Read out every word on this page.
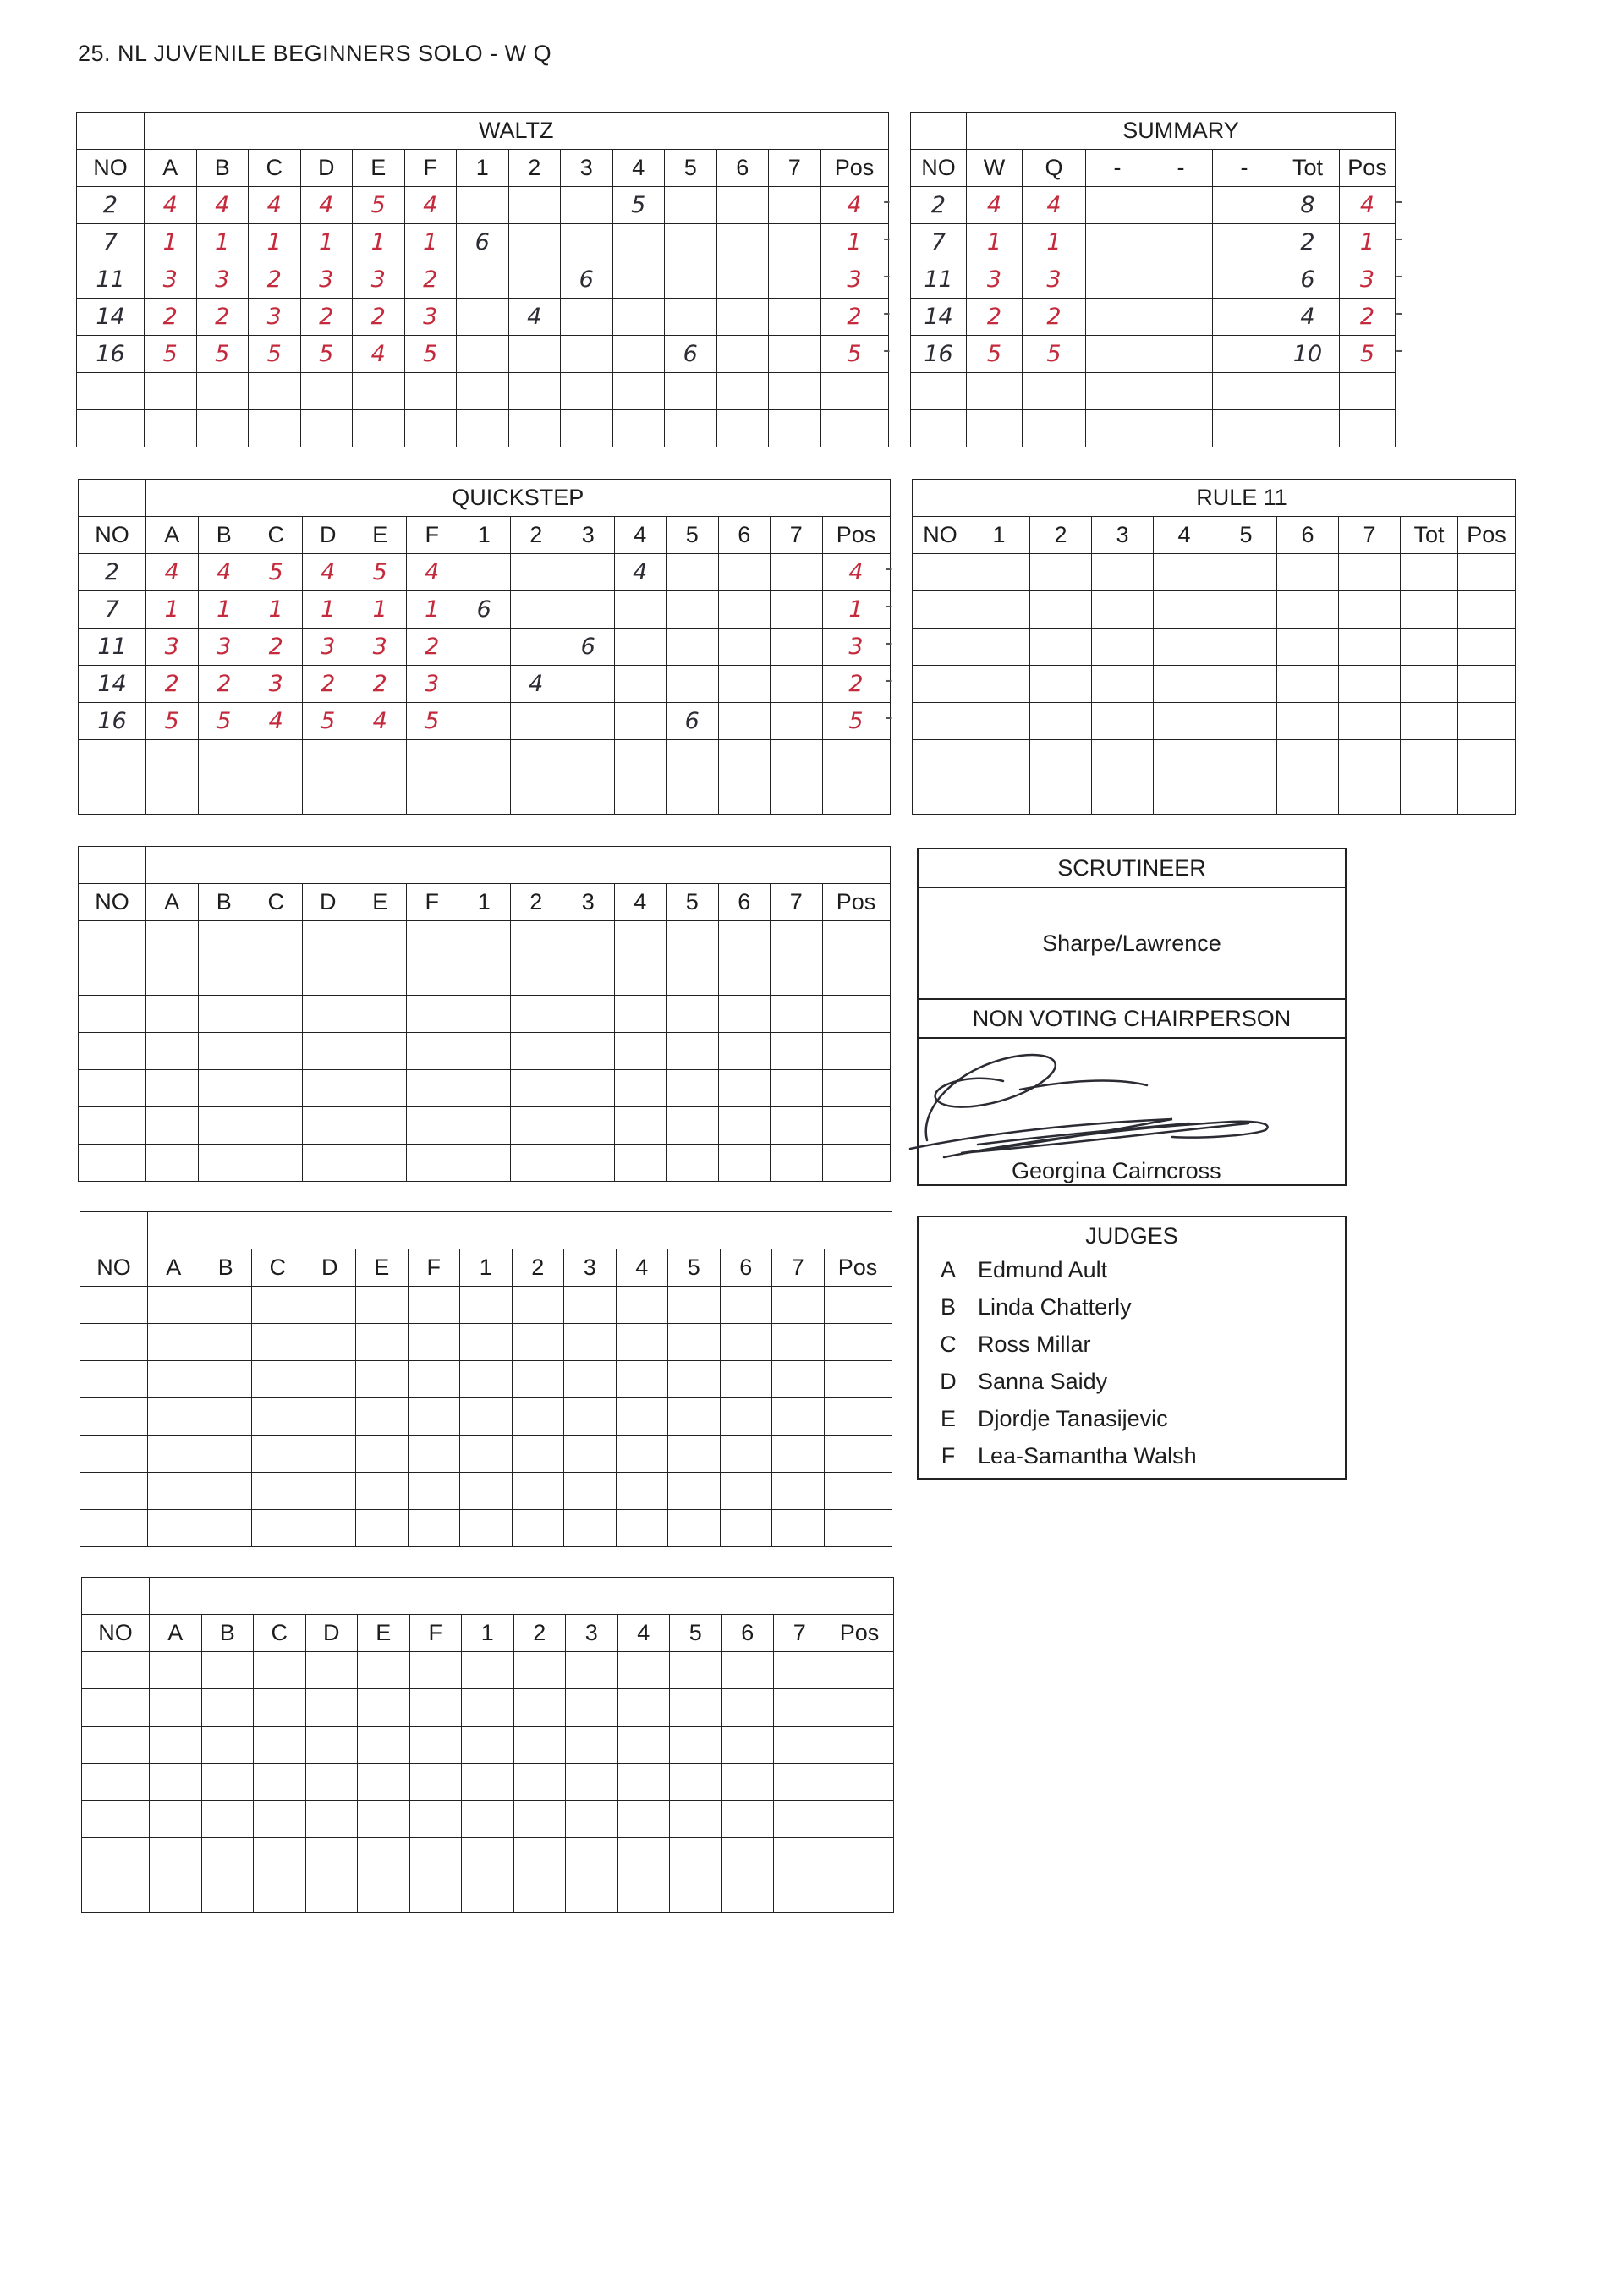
25. NL JUVENILE BEGINNERS SOLO - W Q
	WALTZ													
NO	A	B	C	D	E	F	1	2	3	4	5	6	7	Pos
2	4	4	4	4	5	4				5				4
7	1	1	1	1	1	1	6							1
11	3	3	2	3	3	2			6					3
14	2	2	3	2	2	3		4						2
16	5	5	5	5	4	5					6			5

	QUICKSTEP													
NO	A	B	C	D	E	F	1	2	3	4	5	6	7	Pos
2	4	4	5	4	5	4				4				4
7	1	1	1	1	1	1	6							1
11	3	3	2	3	3	2			6					3
14	2	2	3	2	2	3		4						2
16	5	5	4	5	4	5					6			5

NO	A	B	C	D	E	F	1	2	3	4	5	6	7	Pos

NO	A	B	C	D	E	F	1	2	3	4	5	6	7	Pos

NO	A	B	C	D	E	F	1	2	3	4	5	6	7	Pos

	SUMMARY						
NO	W	Q	-	-	-	Tot	Pos
2	4	4				8	4
7	1	1				2	1
11	3	3				6	3
14	2	2				4	2
16	5	5				10	5

	RULE 11								
NO	1	2	3	4	5	6	7	Tot	Pos

SCRUTINEER
Sharpe/Lawrence
NON VOTING CHAIRPERSON
Georgina Cairncross
JUDGES
A Edmund Ault
B Linda Chatterly
C Ross Millar
D Sanna Saidy
E Djordje Tanasijevic
F Lea-Samantha Walsh
-
-
-
-
-
-
-
-
-
-
-
-
-
-
-
